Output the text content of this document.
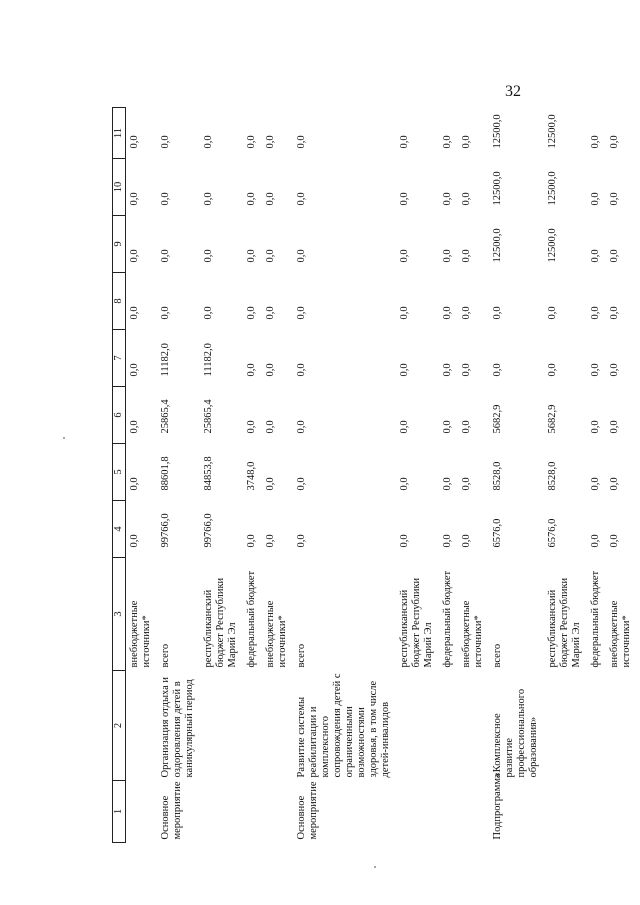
32
1	2	3	4	5	6	7	8	9	10	11
		внебюджетные источники*	0,0	0,0	0,0	0,0	0,0	0,0	0,0	0,0
Основное мероприятие	Организация отдыха и оздоровления детей в каникулярный период	всего	99766,0	88601,8	25865,4	11182,0	0,0	0,0	0,0	0,0
		республиканский бюджет Республики Марий Эл	99766,0	84853,8	25865,4	11182,0	0,0	0,0	0,0	0,0
		федеральный бюджет	0,0	3748,0	0,0	0,0	0,0	0,0	0,0	0,0
		внебюджетные источники*	0,0	0,0	0,0	0,0	0,0	0,0	0,0	0,0
Основное мероприятие	Развитие системы реабилитации и комплексного сопровождения детей с ограниченными возможностями здоровья, в том числе детей-инвалидов	всего	0,0	0,0	0,0	0,0	0,0	0,0	0,0	0,0
		республиканский бюджет Республики Марий Эл	0,0	0,0	0,0	0,0	0,0	0,0	0,0	0,0
		федеральный бюджет	0,0	0,0	0,0	0,0	0,0	0,0	0,0	0,0
		внебюджетные источники*	0,0	0,0	0,0	0,0	0,0	0,0	0,0	0,0
Подпрограмма	«Комплексное развитие профессионального образования»	всего	6576,0	8528,0	5682,9	0,0	0,0	12500,0	12500,0	12500,0
		республиканский бюджет Республики Марий Эл	6576,0	8528,0	5682,9	0,0	0,0	12500,0	12500,0	12500,0
		федеральный бюджет	0,0	0,0	0,0	0,0	0,0	0,0	0,0	0,0
		внебюджетные источники*	0,0	0,0	0,0	0,0	0,0	0,0	0,0	0,0
